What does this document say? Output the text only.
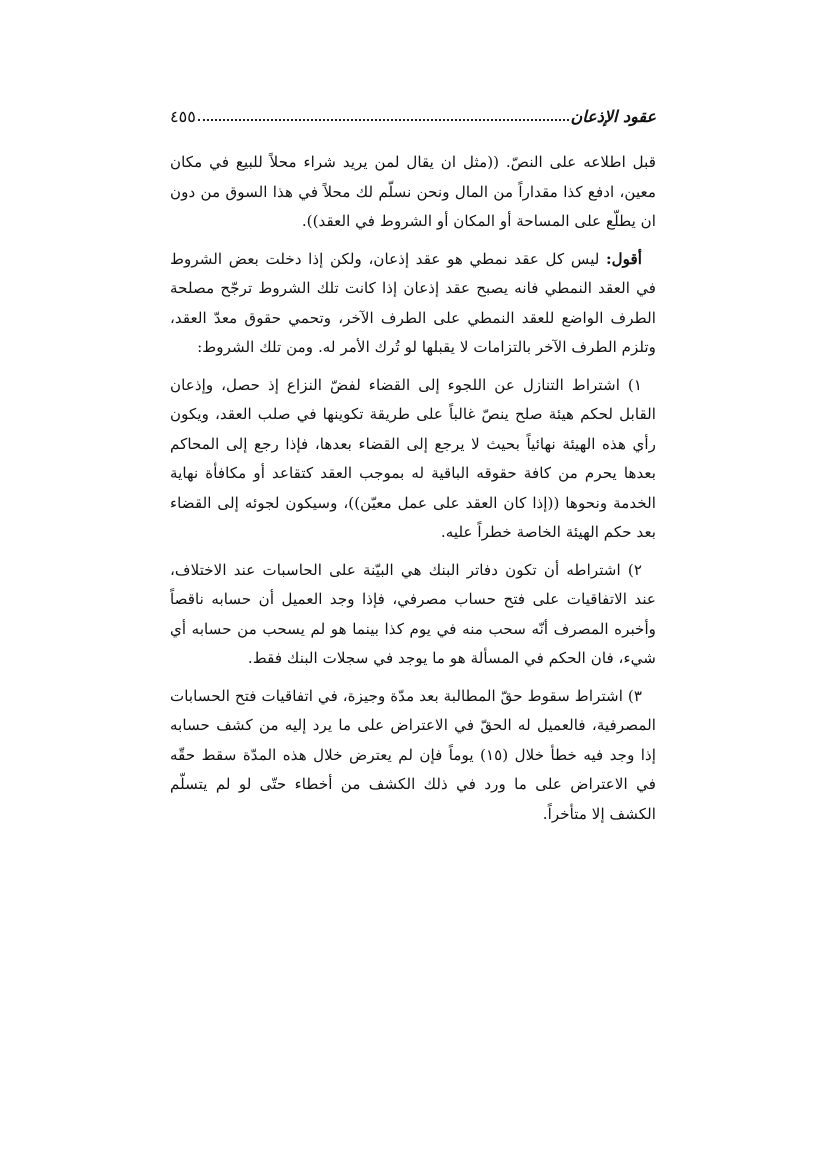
عقود الإذعان
٤٥٥

قبل اطلاعه على النصّ. ((مثل ان يقال لمن يريد شراء محلاً للبيع في مكان معين، ادفع كذا مقداراً من المال ونحن نسلّم لك محلاً في هذا السوق من دون ان يطلّع على المساحة أو المكان أو الشروط في العقد)).

أقول: ليس كل عقد نمطي هو عقد إذعان، ولكن إذا دخلت بعض الشروط في العقد النمطي فانه يصبح عقد إذعان إذا كانت تلك الشروط ترجّح مصلحة الطرف الواضع للعقد النمطي على الطرف الآخر، وتحمي حقوق معدّ العقد، وتلزم الطرف الآخر بالتزامات لا يقبلها لو تُرك الأمر له. ومن تلك الشروط:

١) اشتراط التنازل عن اللجوء إلى القضاء لفضّ النزاع إذ حصل، وإذعان القابل لحكم هيئة صلح ينصّ غالباً على طريقة تكوينها في صلب العقد، ويكون رأي هذه الهيئة نهائياً بحيث لا يرجع إلى القضاء بعدها، فإذا رجع إلى المحاكم بعدها يحرم من كافة حقوقه الباقية له بموجب العقد كتقاعد أو مكافأة نهاية الخدمة ونحوها ((إذا كان العقد على عمل معيّن))، وسيكون لجوئه إلى القضاء بعد حكم الهيئة الخاصة خطراً عليه.

٢) اشتراطه أن تكون دفاتر البنك هي البيّنة على الحاسبات عند الاختلاف، عند الاتفاقيات على فتح حساب مصرفي، فإذا وجد العميل أن حسابه ناقصاً وأخبره المصرف أنّه سحب منه في يوم كذا بينما هو لم يسحب من حسابه أي شيء، فان الحكم في المسألة هو ما يوجد في سجلات البنك فقط.

٣) اشتراط سقوط حقّ المطالبة بعد مدّة وجيزة، في اتفاقيات فتح الحسابات المصرفية، فالعميل له الحقّ في الاعتراض على ما يرد إليه من كشف حسابه إذا وجد فيه خطأ خلال (١٥) يوماً فإن لم يعترض خلال هذه المدّة سقط حقّه في الاعتراض على ما ورد في ذلك الكشف من أخطاء حتّى لو لم يتسلّم الكشف إلا متأخراً.
